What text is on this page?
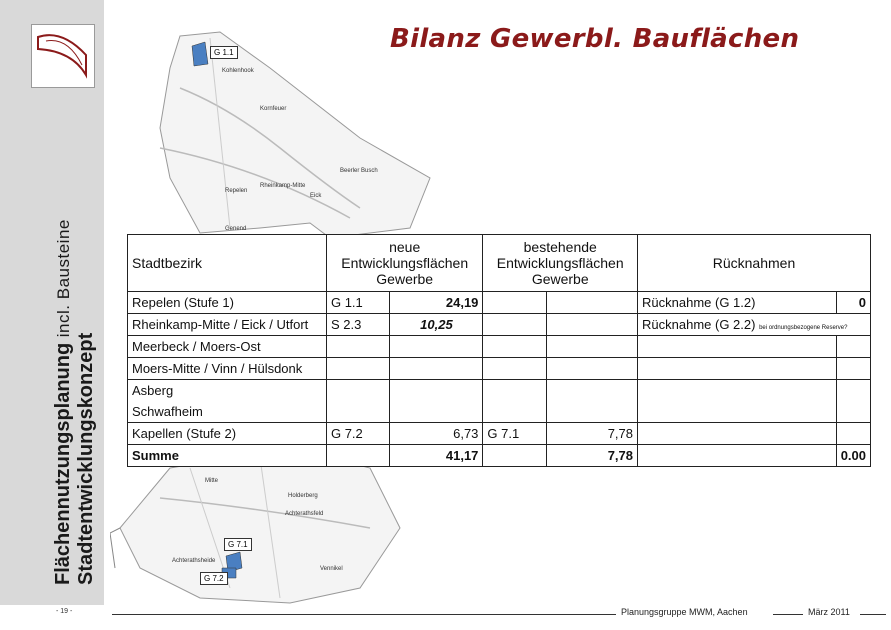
Flächennutzungsplanung incl. Bausteine
Stadtentwicklungskonzept
Bilanz Gewerbl. Bauflächen
G 1.1
Kohlenhook
Kornfeuer
Beerler Busch
Repelen
Rheinkamp-Mitte
Eick
Genend
Mitte
Holderberg
Achterathsfeld
Achterathsheide
G 7.1
G 7.2
Vennikel
Stadtbezirk	neue Entwicklungsflächen Gewerbe		bestehende Entwicklungsflächen Gewerbe		Rücknahmen	
Repelen (Stufe 1)	G 1.1	24,19			Rücknahme (G 1.2)	0
Rheinkamp-Mitte / Eick / Utfort	S 2.3	10,25			Rücknahme (G 2.2) bei ordnungsbezogene Reserve?	
Meerbeck / Moers-Ost						
Moers-Mitte / Vinn / Hülsdonk						
Asberg						
Schwafheim						
Kapellen (Stufe 2)	G 7.2	6,73	G 7.1	7,78		
Summe		41,17		7,78		0.00
- 19 -	Planungsgruppe MWM, Aachen	März 2011
